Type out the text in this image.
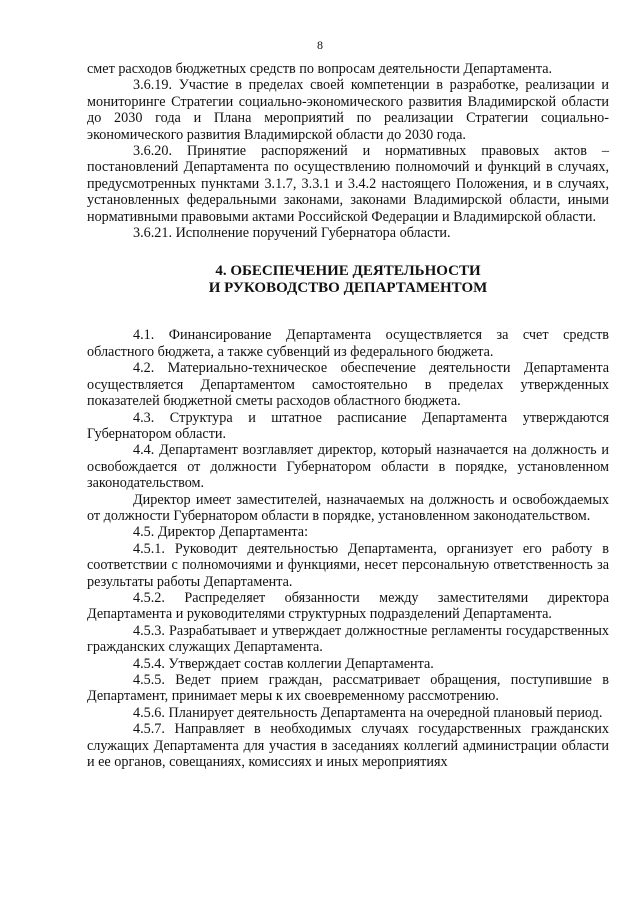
8

смет расходов бюджетных средств по вопросам деятельности Департамента.

3.6.19. Участие в пределах своей компетенции в разработке, реализации и мониторинге Стратегии социально-экономического развития Владимирской области до 2030 года и Плана мероприятий по реализации Стратегии социально-экономического развития Владимирской области до 2030 года.

3.6.20. Принятие распоряжений и нормативных правовых актов – постановлений Департамента по осуществлению полномочий и функций в случаях, предусмотренных пунктами 3.1.7, 3.3.1 и 3.4.2 настоящего Положения, и в случаях, установленных федеральными законами, законами Владимирской области, иными нормативными правовыми актами Российской Федерации и Владимирской области.

3.6.21. Исполнение поручений Губернатора области.

4. ОБЕСПЕЧЕНИЕ ДЕЯТЕЛЬНОСТИ
И РУКОВОДСТВО ДЕПАРТАМЕНТОМ

4.1. Финансирование Департамента осуществляется за счет средств областного бюджета, а также субвенций из федерального бюджета.

4.2. Материально-техническое обеспечение деятельности Департамента осуществляется Департаментом самостоятельно в пределах утвержденных показателей бюджетной сметы расходов областного бюджета.

4.3. Структура и штатное расписание Департамента утверждаются Губернатором области.

4.4. Департамент возглавляет директор, который назначается на должность и освобождается от должности Губернатором области в порядке, установленном законодательством.

Директор имеет заместителей, назначаемых на должность и освобождаемых от должности Губернатором области в порядке, установленном законодательством.

4.5. Директор Департамента:

4.5.1. Руководит деятельностью Департамента, организует его работу в соответствии с полномочиями и функциями, несет персональную ответственность за результаты работы Департамента.

4.5.2. Распределяет обязанности между заместителями директора Департамента и руководителями структурных подразделений Департамента.

4.5.3. Разрабатывает и утверждает должностные регламенты государственных гражданских служащих Департамента.

4.5.4. Утверждает состав коллегии Департамента.

4.5.5. Ведет прием граждан, рассматривает обращения, поступившие в Департамент, принимает меры к их своевременному рассмотрению.

4.5.6. Планирует деятельность Департамента на очередной плановый период.

4.5.7. Направляет в необходимых случаях государственных гражданских служащих Департамента для участия в заседаниях коллегий администрации области и ее органов, совещаниях, комиссиях и иных мероприятиях
